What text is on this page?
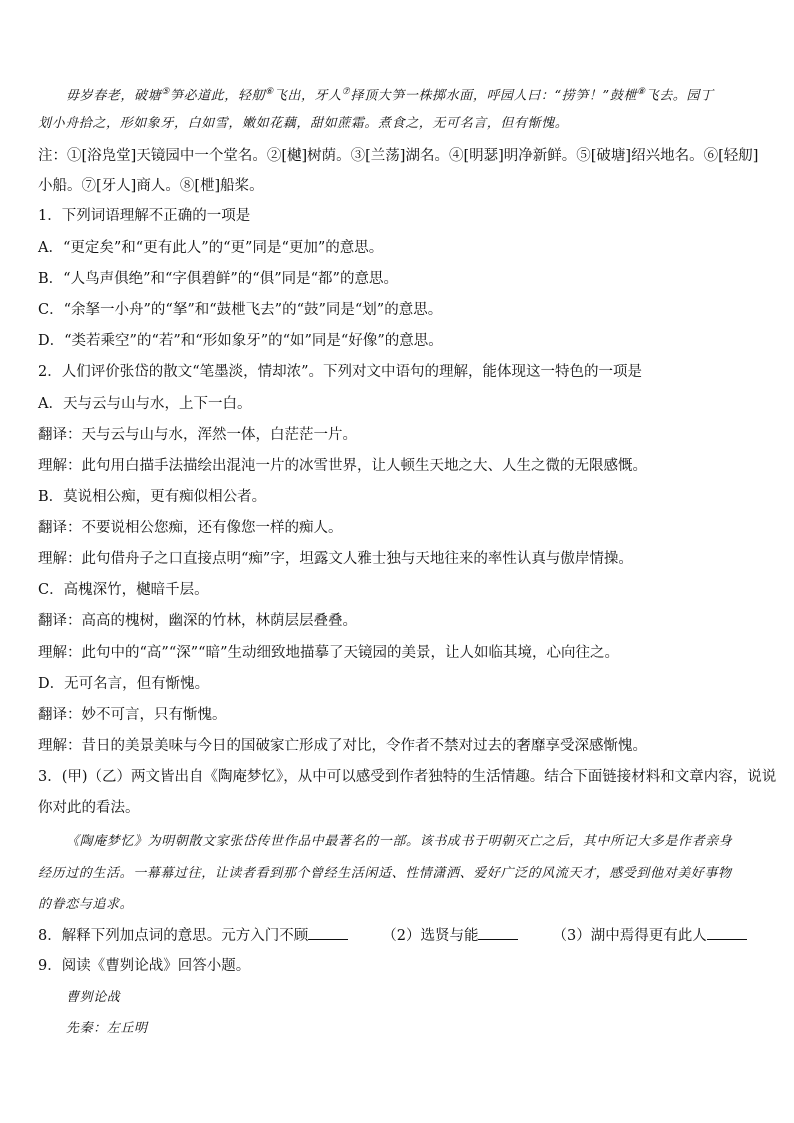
毋岁春老，破塘⑤笋必道此，轻舠⑥飞出，牙人⑦择顶大笋一株掷水面，呼园人曰：“捞笋！”鼓枻⑧飞去。园丁
划小舟拾之，形如象牙，白如雪，嫩如花藕，甜如蔗霜。煮食之，无可名言，但有惭愧。
注：①[浴凫堂]天镜园中一个堂名。②[樾]树荫。③[兰荡]湖名。④[明瑟]明净新鲜。⑤[破塘]绍兴地名。⑥[轻舠]
小船。⑦[牙人]商人。⑧[枻]船桨。
1．下列词语理解不正确的一项是
A．“更定矣”和“更有此人”的“更”同是“更加”的意思。
B．“人鸟声俱绝”和“字俱碧鲜”的“俱”同是“都”的意思。
C．“余拏一小舟”的“拏”和“鼓枻飞去”的“鼓”同是“划”的意思。
D．“类若乘空”的“若”和“形如象牙”的“如”同是“好像”的意思。
2．人们评价张岱的散文“笔墨淡，情却浓”。下列对文中语句的理解，能体现这一特色的一项是
A．天与云与山与水，上下一白。
翻译：天与云与山与水，浑然一体，白茫茫一片。
理解：此句用白描手法描绘出混沌一片的冰雪世界，让人顿生天地之大、人生之微的无限感慨。
B．莫说相公痴，更有痴似相公者。
翻译：不要说相公您痴，还有像您一样的痴人。
理解：此句借舟子之口直接点明“痴”字，坦露文人雅士独与天地往来的率性认真与傲岸情操。
C．高槐深竹，樾暗千层。
翻译：高高的槐树，幽深的竹林，林荫层层叠叠。
理解：此句中的“高”“深”“暗”生动细致地描摹了天镜园的美景，让人如临其境，心向往之。
D．无可名言，但有惭愧。
翻译：妙不可言，只有惭愧。
理解：昔日的美景美味与今日的国破家亡形成了对比，令作者不禁对过去的奢靡享受深感惭愧。
3．(甲)（乙）两文皆出自《陶庵梦忆》，从中可以感受到作者独特的生活情趣。结合下面链接材料和文章内容，说说
你对此的看法。
《陶庵梦忆》为明朝散文家张岱传世作品中最著名的一部。该书成书于明朝灭亡之后，其中所记大多是作者亲身
经历过的生活。一幕幕过往，让读者看到那个曾经生活闲适、性情潇洒、爱好广泛的风流天才，感受到他对美好事物
的眷恋与追求。
8．解释下列加点词的意思。元方入门不顾	（2）选贤与能	（3）湖中焉得更有此人
9．阅读《曹刿论战》回答小题。
曹刿论战
先秦：左丘明
